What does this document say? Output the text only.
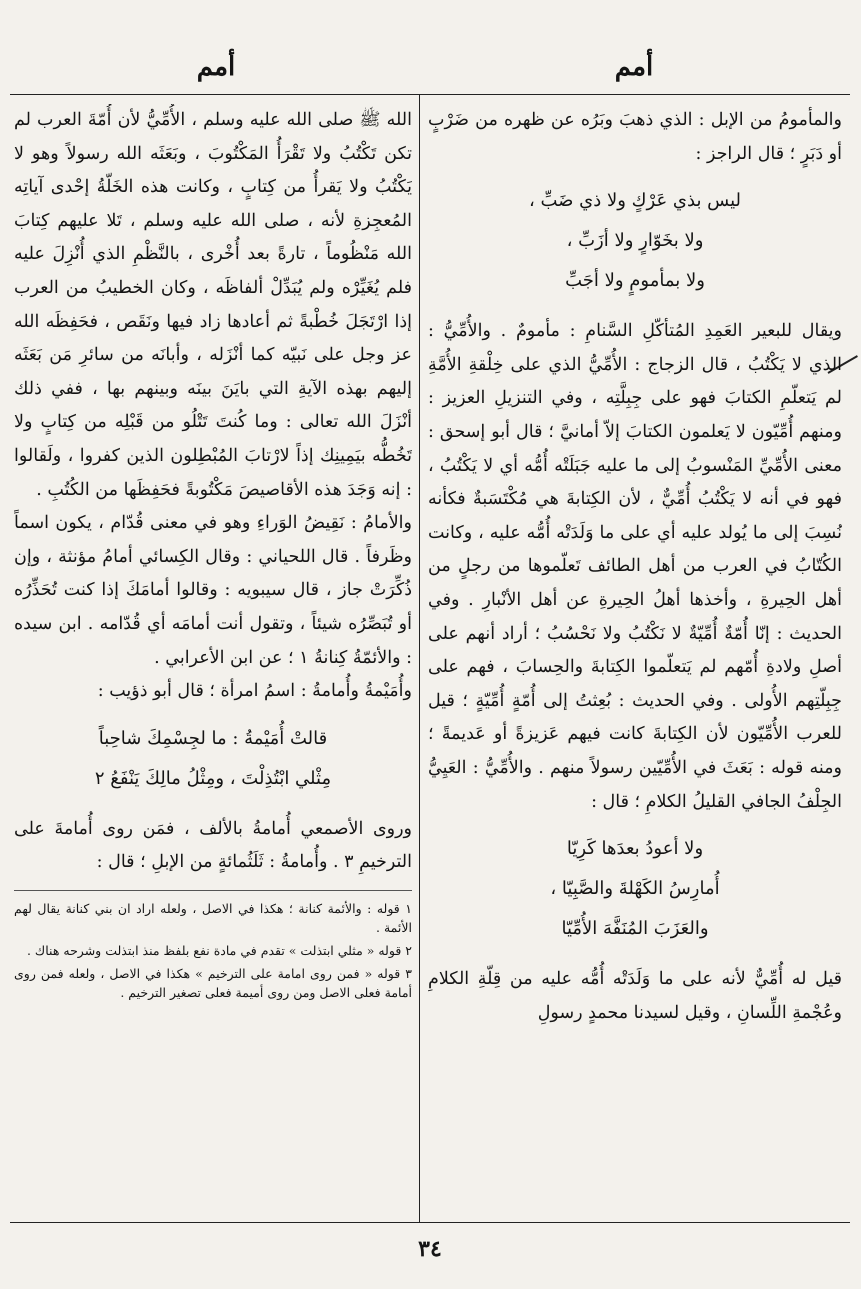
أمم
أمم

والمأمومُ من الإبل : الذي ذهبَ وبَرُه عن ظهره من ضَرْبٍ أو دَبَرٍ ؛ قال الراجز :

ليس بذي عَرْكٍ ولا ذي ضَبِّ ،
ولا بخَوّارٍ ولا أزَبِّ ،
ولا بمأمومٍ ولا أجَبِّ

ويقال للبعير العَمِدِ المُتأكّلِ السَّنامِ : مأمومٌ . والأُمِّيُّ : الذي لا يَكْتُبُ ، قال الزجاج : الأُمِّيُّ الذي على خِلْقةِ الأُمَّةِ لم يَتعلّمِ الكتابَ فهو على جِبِلَّتِه ، وفي التنزيلِ العزيز : ومنهم أُمِّيّون لا يَعلمون الكتابَ إلاّ أمانيَّ ؛ قال أبو إسحق : معنى الأُمِّيِّ المَنْسوبُ إلى ما عليه جَبَلَتْه أُمُّه أي لا يَكْتُبُ ، فهو في أنه لا يَكْتُبُ أُمِّيٌّ ، لأن الكِتابةَ هي مُكْتَسَبةٌ فكأنه نُسِبَ إلى ما يُولد عليه أي على ما وَلَدَتْه أُمُّه عليه ، وكانت الكُتّابُ في العرب من أهل الطائف تَعلّموها من رجلٍ من أهل الحِيرةِ ، وأخذها أهلُ الحِيرةِ عن أهل الأنْبارِ . وفي الحديث : إنّا أُمّةٌ أُمِّيّةٌ لا نَكْتُبُ ولا نَحْسُبُ ؛ أراد أنهم على أصلِ ولادةِ أُمّهم لم يَتعلّموا الكِتابةَ والحِسابَ ، فهم على جِبِلّتِهم الأُولى . وفي الحديث : بُعِثتُ إلى أُمّةٍ أُمِّيّةٍ ؛ قيل للعرب الأُمِّيّون لأن الكِتابةَ كانت فيهم عَزيزةً أو عَديمةً ؛ ومنه قوله : بَعَثَ في الأُمِّيّين رسولاً منهم . والأُمِّيُّ : العَيِيُّ الجِلْفُ الجافي القليلُ الكلامِ ؛ قال :

ولا أعودُ بعدَها كَرِيّا
أُمارِسُ الكَهْلةَ والصَّبِيّا ،
والعَزَبَ المُنَفَّهَ الأُمِّيّا

قيل له أُمِّيٌّ لأنه على ما وَلَدَتْه أُمُّه عليه من قِلّةِ الكلامِ وعُجْمةِ اللِّسانِ ، وقيل لسيدنا محمدٍ رسولِ

الله ﷺ صلى الله عليه وسلم ، الأُمِّيُّ لأن أُمّةَ العرب لم تكن تَكْتُبُ ولا تَقْرَأُ المَكْتُوبَ ، وبَعَثَه الله رسولاً وهو لا يَكْتُبُ ولا يَقرأُ من كِتابٍ ، وكانت هذه الخَلّةُ إحْدى آياتِه المُعجِزةِ لأنه ، صلى الله عليه وسلم ، تَلا عليهم كِتابَ الله مَنْظُوماً ، تارةً بعد أُخْرى ، بالنَّظْمِ الذي أُنْزِلَ عليه فلم يُغَيِّرْه ولم يُبَدِّلْ ألفاظَه ، وكان الخطيبُ من العرب إذا ارْتَجَلَ خُطْبةً ثم أعادها زاد فيها ونَقَص ، فحَفِظَه الله عز وجل على نَبيّه كما أنْزَله ، وأبانَه من سائرِ مَن بَعَثَه إليهم بهذه الآيةِ التي بايَنَ بينَه وبينهم بها ، ففي ذلك أنْزَلَ الله تعالى : وما كُنتَ تَتْلُو من قَبْلِه من كِتابٍ ولا تَخُطُّه بيَمِينِك إذاً لارْتابَ المُبْطِلون الذين كفروا ، ولَقالوا : إنه وَجَدَ هذه الأقاصيصَ مَكْتُوبةً فحَفِظَها من الكُتُبِ .

والأمامُ : نَقِيضُ الوَراءِ وهو في معنى قُدّام ، يكون اسماً وظَرفاً . قال اللحياني : وقال الكِسائي أمامُ مؤنثة ، وإن ذُكِّرَتْ جاز ، قال سيبويه : وقالوا أمامَكَ إذا كنت تُحَذِّرُه أو تُبَصِّرُه شيئاً ، وتقول أنت أمامَه أي قُدّامه . ابن سيده : والأئمّةُ كِنانةُ ١ ؛ عن ابن الأعرابي .

وأُمَيْمةُ وأُمامةُ : اسمُ امرأة ؛ قال أبو ذؤيب :

قالتْ أُمَيْمةُ : ما لجِسْمِكَ شاحِباً
مِثْلي ابْتُذِلْتَ ، ومِثْلُ مالِكَ يَنْفَعُ ٢

وروى الأصمعي أُمامةُ بالألف ، فمَن روى أُمامةَ على الترخيمِ ٣ . وأُمامةُ : ثَلَثُمائةٍ من الإبلِ ؛ قال :

١ قوله : والأئمة كنانة ؛ هكذا في الاصل ، ولعله اراد ان بني كنانة يقال لهم الأئمة .

٢ قوله « مثلي ابتذلت » تقدم في مادة نفع بلفظ منذ ابتذلت وشرحه هناك .

٣ قوله « فمن روى امامة على الترخيم » هكذا في الاصل ، ولعله فمن روى أمامة فعلى الاصل ومن روى أميمة فعلى تصغير الترخيم .

٣٤
